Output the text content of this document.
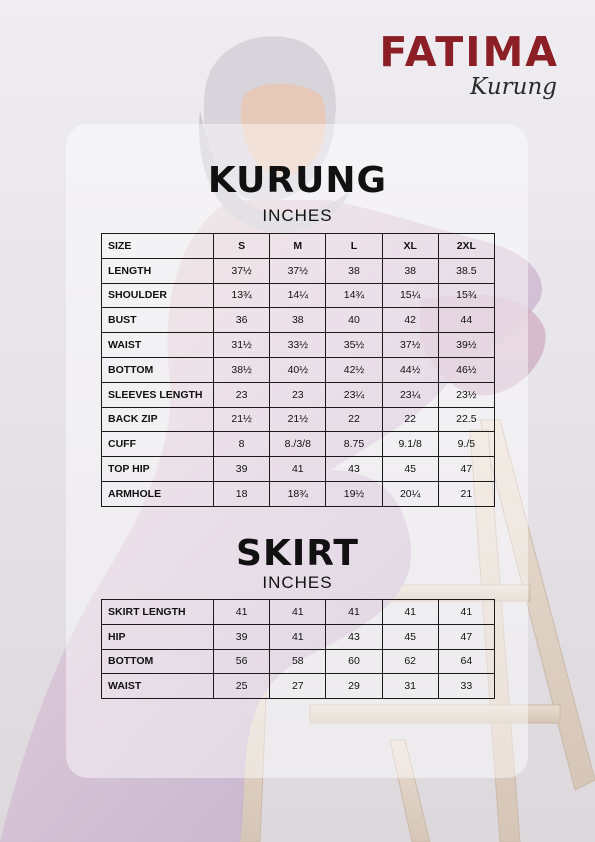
FATIMA
Kurung
KURUNG
INCHES
SIZE	S	M	L	XL	2XL
LENGTH	37½	37½	38	38	38.5
SHOULDER	13¾	14¼	14¾	15¼	15¾
BUST	36	38	40	42	44
WAIST	31½	33½	35½	37½	39½
BOTTOM	38½	40½	42½	44½	46½
SLEEVES LENGTH	23	23	23¼	23¼	23½
BACK ZIP	21½	21½	22	22	22.5
CUFF	8	8./3/8	8.75	9.1/8	9./5
TOP HIP	39	41	43	45	47
ARMHOLE	18	18¾	19½	20¼	21
SKIRT
INCHES
SKIRT LENGTH	41	41	41	41	41
HIP	39	41	43	45	47
BOTTOM	56	58	60	62	64
WAIST	25	27	29	31	33
